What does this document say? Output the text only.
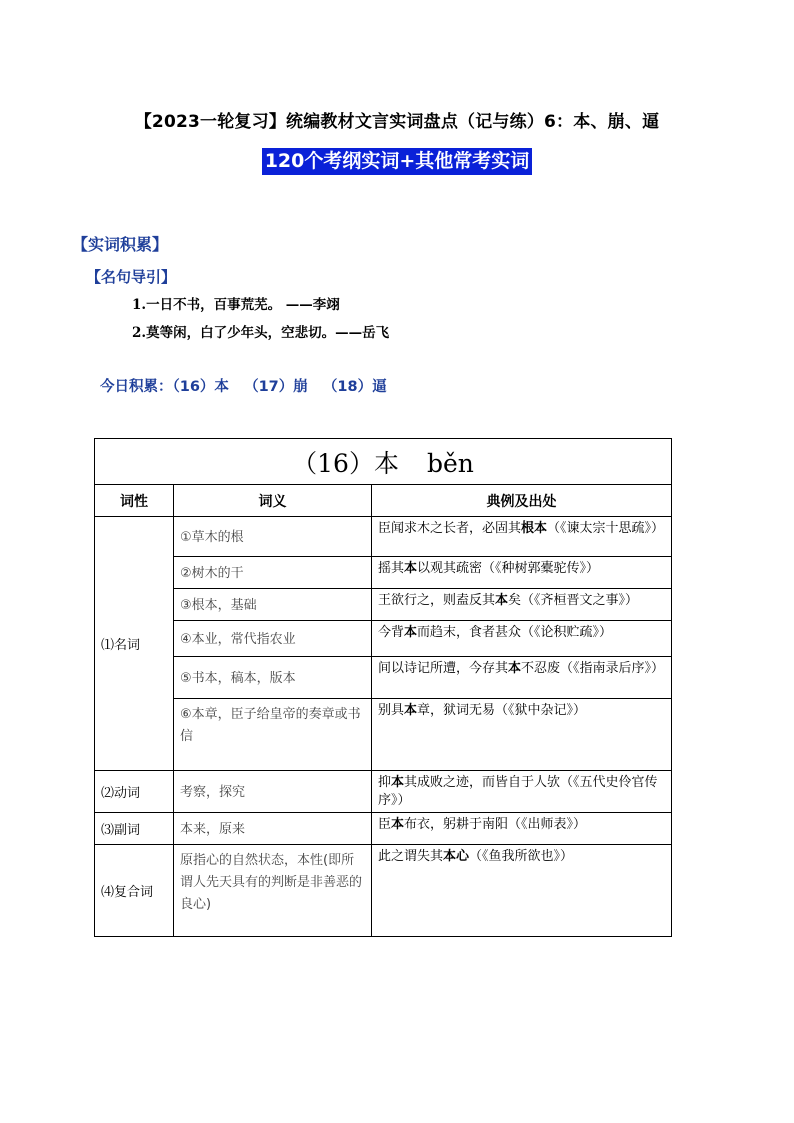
【2023一轮复习】统编教材文言实词盘点（记与练）6：本、崩、逼
120个考纲实词+其他常考实词
【实词积累】
【名句导引】
1.一日不书，百事荒芜。 ——李翊
2.莫等闲，白了少年头，空悲切。——岳飞
今日积累：（16）本   （17）崩   （18）逼
（16）本 běn		
词性	词义	典例及出处
⑴名词	①草木的根	臣闻求木之长者，必固其根本（《谏太宗十思疏》）
	②树木的干	摇其本以观其疏密（《种树郭橐驼传》）
	③根本，基础	王欲行之，则盍反其本矣（《齐桓晋文之事》）
	④本业，常代指农业	今背本而趋末，食者甚众（《论积贮疏》）
	⑤书本，稿本，版本	间以诗记所遭，今存其本不忍废（《指南录后序》）
	⑥本章，臣子给皇帝的奏章或书信	别具本章，狱词无易（《狱中杂记》）
⑵动词	考察，探究	抑本其成败之迹，而皆自于人欤（《五代史伶官传序》）
⑶副词	本来，原来	臣本布衣，躬耕于南阳（《出师表》）
⑷复合词	原指心的自然状态，本性(即所谓人先天具有的判断是非善恶的良心)	此之谓失其本心（《鱼我所欲也》）
